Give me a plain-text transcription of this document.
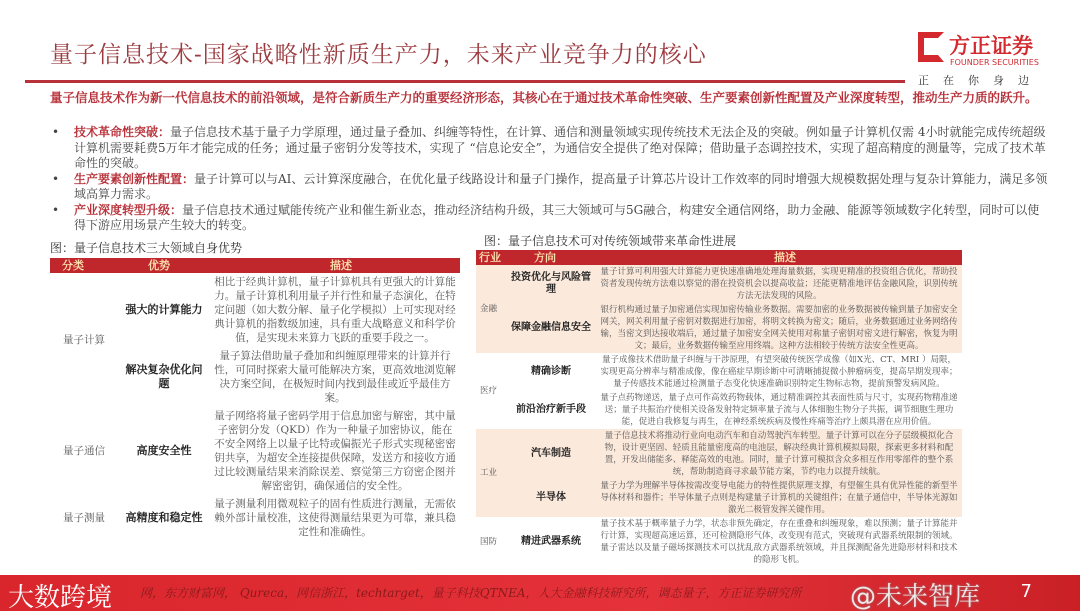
量子信息技术-国家战略性新质生产力，未来产业竞争力的核心	方正证券
FOUNDER SECURITIES
正在你身边
量子信息技术作为新一代信息技术的前沿领域，是符合新质生产力的重要经济形态，其核心在于通过技术革命性突破、生产要素创新性配置及产业深度转型，推动生产力质的跃升。
• 技术革命性突破：量子信息技术基于量子力学原理，通过量子叠加、纠缠等特性，在计算、通信和测量领域实现传统技术无法企及的突破。例如量子计算机仅需 4小时就能完成传统超级计算机需要耗费5万年才能完成的任务；通过量子密钥分发等技术，实现了 “信息论安全”，为通信安全提供了绝对保障；借助量子态调控技术，实现了超高精度的测量等，完成了技术革命性的突破。
• 生产要素创新性配置：量子计算可以与AI、云计算深度融合，在优化量子线路设计和量子门操作，提高量子计算芯片设计工作效率的同时增强大规模数据处理与复杂计算能力，满足多领域高算力需求。
• 产业深度转型升级：量子信息技术通过赋能传统产业和催生新业态，推动经济结构升级，其三大领域可与5G融合，构建安全通信网络，助力金融、能源等领域数字化转型，同时可以使得下游应用场景产生较大的转变。
图：量子信息技术三大领域自身优势
分类	优势	描述
量子计算	强大的计算能力	相比于经典计算机，量子计算机具有更强大的计算能力。量子计算机利用量子并行性和量子态演化，在特定问题（如大数分解、量子化学模拟）上可实现对经典计算机的指数级加速，具有重大战略意义和科学价值，是实现未来算力飞跃的重要手段之一。
	解决复杂优化问题	量子算法借助量子叠加和纠缠原理带来的计算并行性，可同时探索大量可能解决方案，更高效地浏览解决方案空间，在极短时间内找到最佳或近乎最佳方案。
量子通信	高度安全性	量子网络将量子密码学用于信息加密与解密，其中量子密钥分发（QKD）作为一种量子加密协议，能在不安全网络上以量子比特或偏振光子形式实现秘密密钥共享，为超安全连接提供保障，发送方和接收方通过比较测量结果来消除误差、察觉第三方窃密企图并解密密钥，确保通信的安全性。
量子测量	高精度和稳定性	量子测量利用微观粒子的固有性质进行测量，无需依赖外部计量校准，这使得测量结果更为可靠，兼具稳定性和准确性。
图：量子信息技术可对传统领域带来革命性进展
行业	方向	描述
金融	投资优化与风险管理	量子计算可利用强大计算能力更快速准确地处理海量数据，实现更精准的投资组合优化，帮助投资者发现传统方法难以察觉的潜在投资机会以提高收益；还能更精准地评估金融风险，识别传统方法无法发现的风险。
	保障金融信息安全	银行机构通过量子加密通信实现加密传输业务数据。需要加密的业务数据被传输到量子加密安全网关，网关利用量子密钥对数据进行加密，将明文转换为密文；随后，业务数据通过业务网络传输，当密文到达接收端后，通过量子加密安全网关使用对称量子密钥对密文进行解密，恢复为明文；最后，业务数据传输至应用终端。这种方法相较于传统方法安全性更高。
医疗	精确诊断	量子成像技术借助量子纠缠与干涉原理，有望突破传统医学成像（如X光、CT、MRI ）局限，实现更高分辨率与精准成像，像在癌症早期诊断中可清晰捕捉微小肿瘤病变，提高早期发现率；量子传感技术能通过检测量子态变化快速准确识别特定生物标志物，提前预警发病风险。
	前沿治疗新手段	量子点药物递送，量子点可作高效药物载体，通过精准调控其表面性质与尺寸，实现药物精准递送；量子共振治疗使相关设备发射特定频率量子流与人体细胞生物分子共振，调节细胞生理功能，促进自我修复与再生，在神经系统疾病及慢性疼痛等治疗上颇具潜在应用价值。
工业	汽车制造	量子信息技术将推动行业向电动汽车和自动驾驶汽车转型。量子计算可以在分子层级模拟化合物，设计更坚固、轻质且能量密度高的电池层，解决经典计算机模拟局限，探索更多材料和配置，开发出储能多、释能高效的电池。同时，量子计算可模拟含众多相互作用零部件的整个系统，帮助制造商寻求最节能方案，节约电力以提升续航。
	半导体	量子力学为理解半导体按需改变导电能力的特性提供原理支撑，有望催生具有优异性能的新型半导体材料和器件；半导体量子点则是构建量子计算机的关键组件；在量子通信中，半导体光源如激光二极管发挥关键作用。
国防	精进武器系统	量子技术基于概率量子力学，状态非预先确定，存在重叠和纠缠现象，难以预测；量子计算能并行计算，实现超高速运算，还可检测隐形气体，改变现有范式，突破现有武器系统限制的领域。量子雷达以及量子磁场探测技术可以扰乱敌方武器系统领域，并且探测配备先进隐形材料和技术的隐形飞机。
网，东方财富网， Qureca，网信浙江，techtarget，量子科技QTNEA，人大金融科技研究所，调态量子，方正证券研究所
大数跨境	7
@未来智库
